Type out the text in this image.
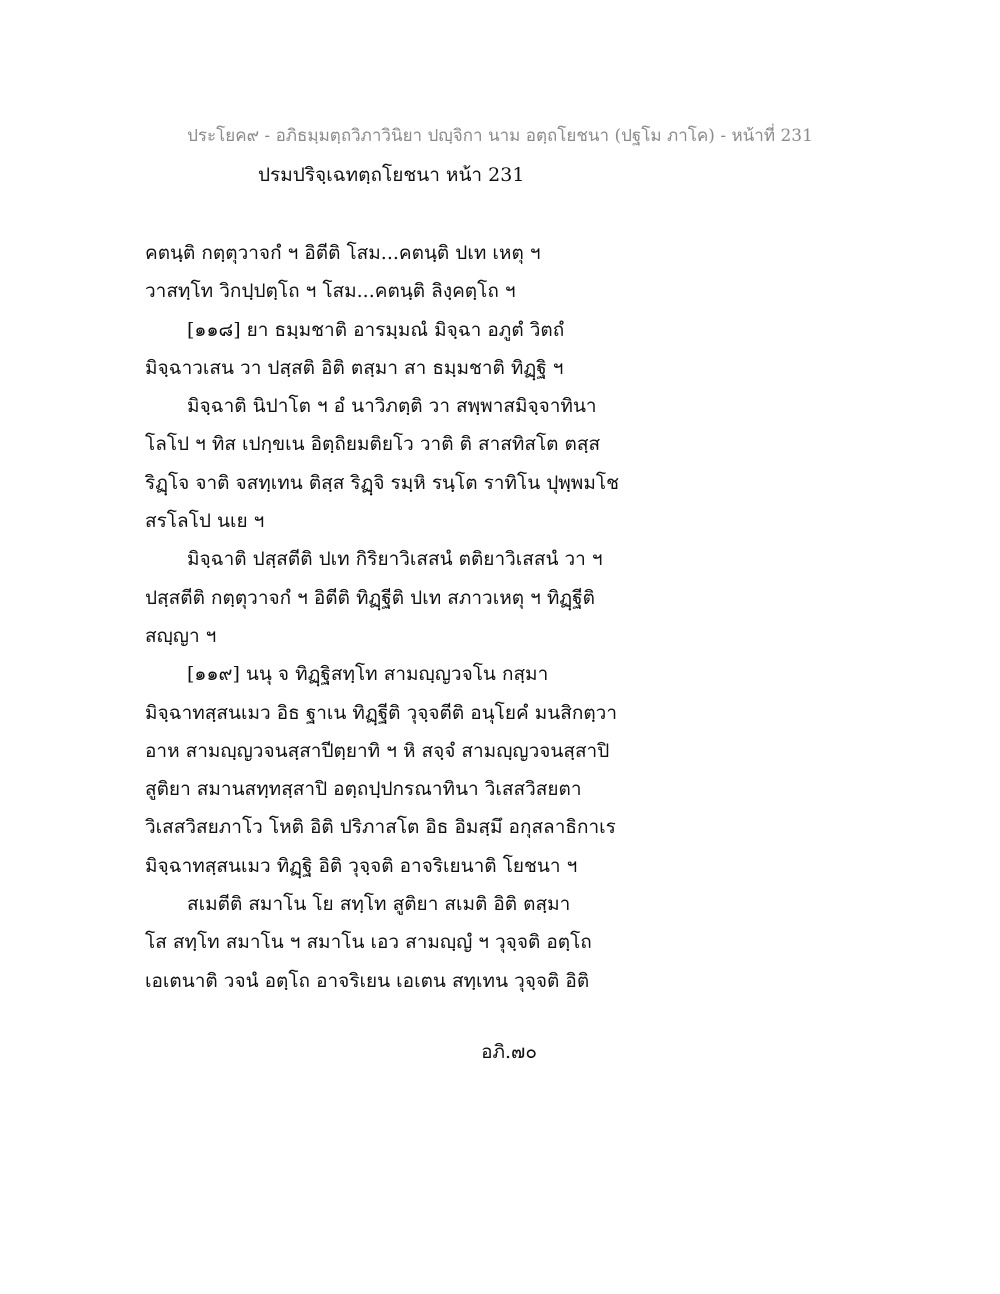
ประโยค๙ - อภิธมฺมตฺถวิภาวินิยา ปญฺจิกา นาม อตฺถโยชนา (ปฐโม ภาโค) - หน้าที่ 231
ปรมปริจฺเฉทตฺถโยชนา หน้า 231
คตนฺติ กตฺตุวาจกํ ฯ อิตีติ โสม...คตนฺติ ปเท เหตุ ฯ
วาสทฺโท วิกปฺปตฺโถ ฯ โสม...คตนฺติ ลิงฺคตฺโถ ฯ
[๑๑๘] ยา ธมฺมชาติ อารมฺมณํ มิจฺฉา อภูตํ วิตถํ
มิจฺฉาวเสน วา ปสฺสติ อิติ ตสฺมา สา ธมฺมชาติ ทิฏฺฐิ ฯ
มิจฺฉาติ นิปาโต ฯ อํ นาวิภตฺติ วา สพฺพาสมิจฺจาทินา
โลโป ฯ ทิส เปกฺขเน อิตฺถิยมติยโว วาติ ติ สาสทิสโต ตสฺส
ริฏฺโจ จาติ จสทฺเทน ติสฺส ริฏฺจิ รมฺหิ รนฺโต ราทิโน ปุพฺพมโช
สรโลโป นเย ฯ
มิจฺฉาติ ปสฺสตีติ ปเท กิริยาวิเสสนํ ตติยาวิเสสนํ วา ฯ
ปสฺสตีติ กตฺตุวาจกํ ฯ อิตีติ ทิฏฺฐีติ ปเท สภาวเหตุ ฯ ทิฏฺฐีติ
สญฺญา ฯ
[๑๑๙] นนุ จ ทิฏฺฐิสทฺโท สามญฺญวจโน กสฺมา
มิจฺฉาทสฺสนเมว อิธ ฐาเน ทิฏฺฐีติ วุจฺจตีติ อนุโยคํ มนสิกตฺวา
อาห สามญฺญวจนสฺสาปีตฺยาทิ ฯ หิ สจฺจํ สามญฺญวจนสฺสาปิ
สูติยา สมานสทฺทสฺสาปิ อตฺถปฺปกรณาทินา วิเสสวิสยตา
วิเสสวิสยภาโว โหติ อิติ ปริภาสโต อิธ อิมสฺมึ อกุสลาธิกาเร
มิจฺฉาทสฺสนเมว ทิฏฺฐิ อิติ วุจฺจติ อาจริเยนาติ โยชนา ฯ
สเมตีติ สมาโน โย สทฺโท สูติยา สเมติ อิติ ตสฺมา
โส สทฺโท สมาโน ฯ สมาโน เอว สามญฺญํ ฯ วุจฺจติ อตฺโถ
เอเตนาติ วจนํ อตฺโถ อาจริเยน เอเตน สทฺเทน วุจฺจติ อิติ
อภิ.๗๐
